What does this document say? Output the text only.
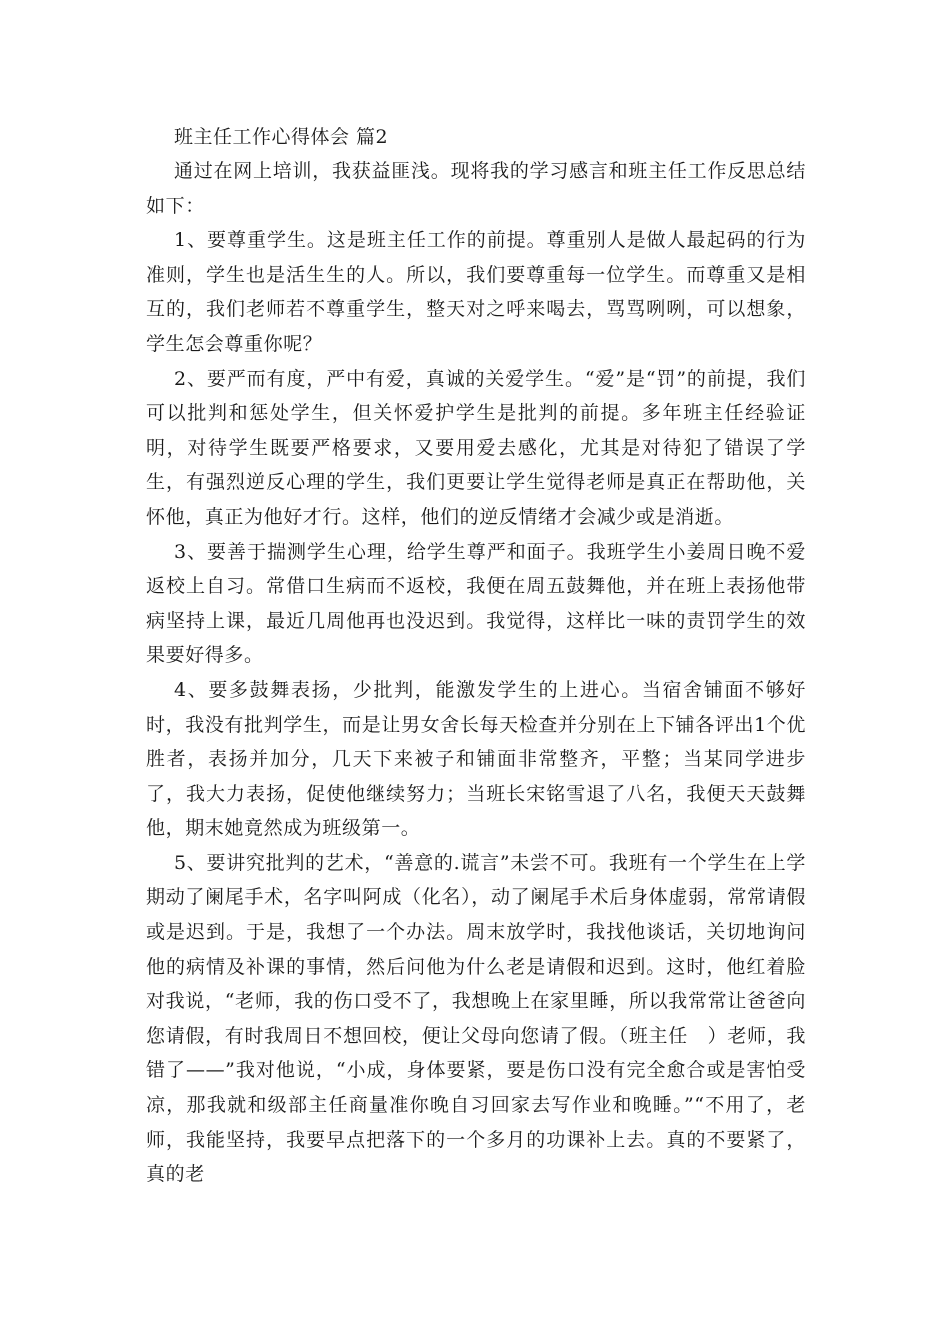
班主任工作心得体会 篇2

通过在网上培训，我获益匪浅。现将我的学习感言和班主任工作反思总结如下：

1、要尊重学生。这是班主任工作的前提。尊重别人是做人最起码的行为准则，学生也是活生生的人。所以，我们要尊重每一位学生。而尊重又是相互的，我们老师若不尊重学生，整天对之呼来喝去，骂骂咧咧，可以想象，学生怎会尊重你呢？

2、要严而有度，严中有爱，真诚的关爱学生。“爱”是“罚”的前提，我们可以批判和惩处学生，但关怀爱护学生是批判的前提。多年班主任经验证明，对待学生既要严格要求，又要用爱去感化，尤其是对待犯了错误了学生，有强烈逆反心理的学生，我们更要让学生觉得老师是真正在帮助他，关怀他，真正为他好才行。这样，他们的逆反情绪才会减少或是消逝。

3、要善于揣测学生心理，给学生尊严和面子。我班学生小姜周日晚不爱返校上自习。常借口生病而不返校，我便在周五鼓舞他，并在班上表扬他带病坚持上课，最近几周他再也没迟到。我觉得，这样比一味的责罚学生的效果要好得多。

4、要多鼓舞表扬，少批判，能激发学生的上进心。当宿舍铺面不够好时，我没有批判学生，而是让男女舍长每天检查并分别在上下铺各评出1个优胜者，表扬并加分，几天下来被子和铺面非常整齐，平整；当某同学进步了，我大力表扬，促使他继续努力；当班长宋铭雪退了八名，我便天天鼓舞他，期末她竟然成为班级第一。

5、要讲究批判的艺术，“善意的.谎言”未尝不可。我班有一个学生在上学期动了阑尾手术，名字叫阿成（化名），动了阑尾手术后身体虚弱，常常请假或是迟到。于是，我想了一个办法。周末放学时，我找他谈话，关切地询问他的病情及补课的事情，然后问他为什么老是请假和迟到。这时，他红着脸对我说，“老师，我的伤口受不了，我想晚上在家里睡，所以我常常让爸爸向您请假，有时我周日不想回校，便让父母向您请了假。（班主任　）老师，我错了——”我对他说，“小成，身体要紧，要是伤口没有完全愈合或是害怕受凉，那我就和级部主任商量准你晚自习回家去写作业和晚睡。”“不用了，老师，我能坚持，我要早点把落下的一个多月的功课补上去。真的不要紧了，真的老
